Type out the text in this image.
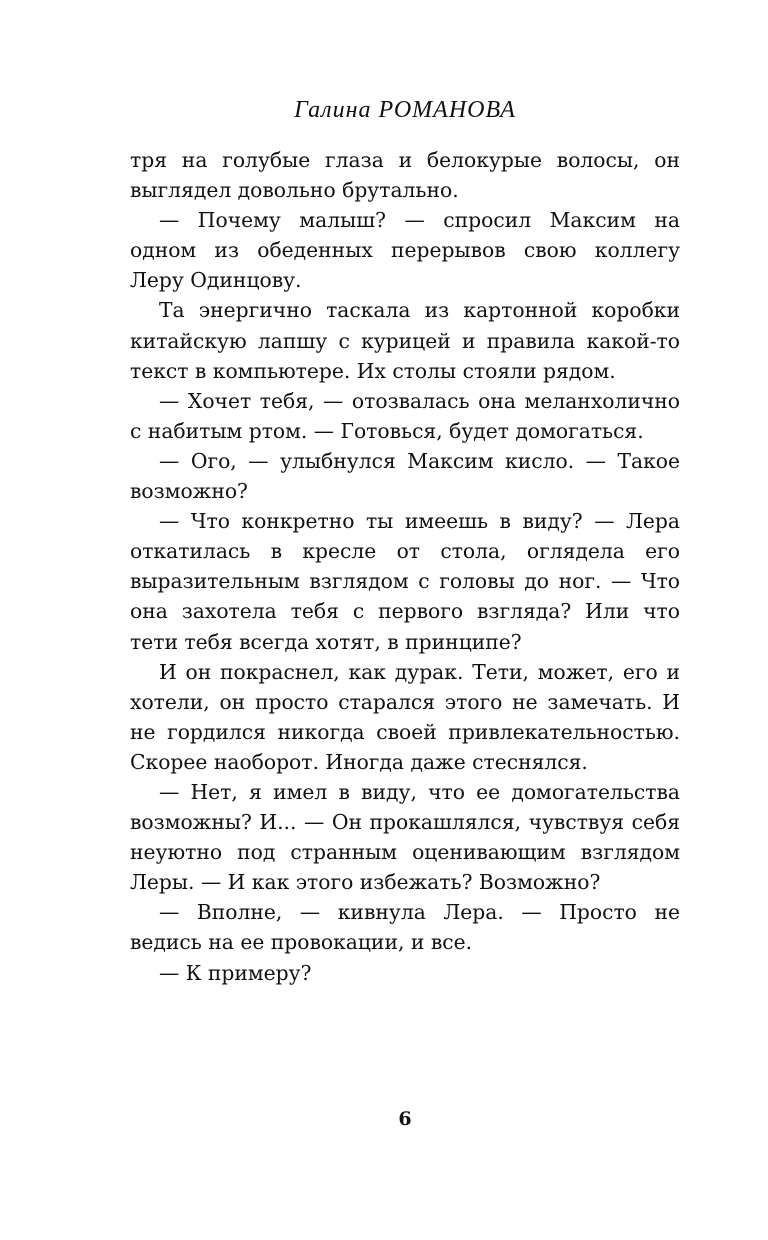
Галина РОМАНОВА

тря на голубые глаза и белокурые волосы, он выглядел довольно брутально.

— Почему малыш? — спросил Максим на одном из обеденных перерывов свою коллегу Леру Одинцову.

Та энергично таскала из картонной коробки китайскую лапшу с курицей и правила какой-то текст в компьютере. Их столы стояли рядом.

— Хочет тебя, — отозвалась она меланхолично с набитым ртом. — Готовься, будет домогаться.

— Ого, — улыбнулся Максим кисло. — Такое возможно?

— Что конкретно ты имеешь в виду? — Лера откатилась в кресле от стола, оглядела его выразительным взглядом с головы до ног. — Что она захотела тебя с первого взгляда? Или что тети тебя всегда хотят, в принципе?

И он покраснел, как дурак. Тети, может, его и хотели, он просто старался этого не замечать. И не гордился никогда своей привлекательностью. Скорее наоборот. Иногда даже стеснялся.

— Нет, я имел в виду, что ее домогательства возможны? И... — Он прокашлялся, чувствуя себя неуютно под странным оценивающим взглядом Леры. — И как этого избежать? Возможно?

— Вполне, — кивнула Лера. — Просто не ведись на ее провокации, и все.

— К примеру?

6
